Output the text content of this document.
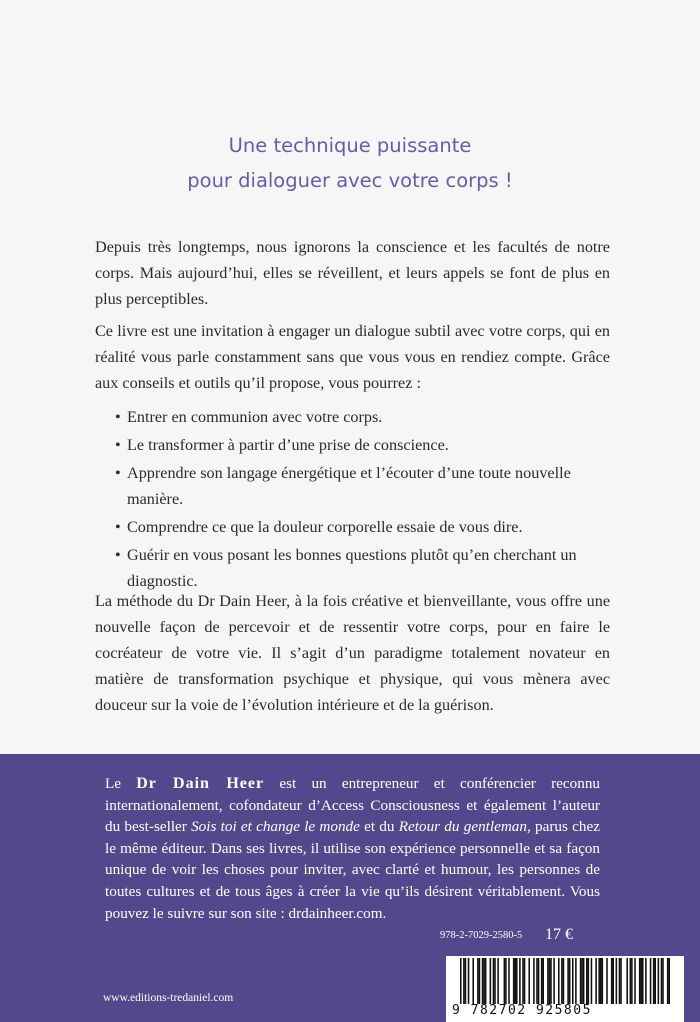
Une technique puissante
pour dialoguer avec votre corps !

Depuis très longtemps, nous ignorons la conscience et les facultés de notre corps. Mais aujourd’hui, elles se réveillent, et leurs appels se font de plus en plus perceptibles.

Ce livre est une invitation à engager un dialogue subtil avec votre corps, qui en réalité vous parle constamment sans que vous vous en rendiez compte. Grâce aux conseils et outils qu’il propose, vous pourrez :

• Entrer en communion avec votre corps.
• Le transformer à partir d’une prise de conscience.
• Apprendre son langage énergétique et l’écouter d’une toute nouvelle manière.
• Comprendre ce que la douleur corporelle essaie de vous dire.
• Guérir en vous posant les bonnes questions plutôt qu’en cherchant un diagnostic.

La méthode du Dr Dain Heer, à la fois créative et bienveillante, vous offre une nouvelle façon de percevoir et de ressentir votre corps, pour en faire le cocréateur de votre vie. Il s’agit d’un paradigme totalement novateur en matière de transformation psychique et physique, qui vous mènera avec douceur sur la voie de l’évolution intérieure et de la guérison.

Le Dr Dain Heer est un entrepreneur et conférencier reconnu internationalement, cofondateur d’Access Consciousness et également l’auteur du best-seller Sois toi et change le monde et du Retour du gentleman, parus chez le même éditeur. Dans ses livres, il utilise son expérience personnelle et sa façon unique de voir les choses pour inviter, avec clarté et humour, les personnes de toutes cultures et de tous âges à créer la vie qu’ils désirent véritablement. Vous pouvez le suivre sur son site : drdainheer.com.
978-2-7029-2580-5 17 €
9 782702 925805
www.editions-tredaniel.com
